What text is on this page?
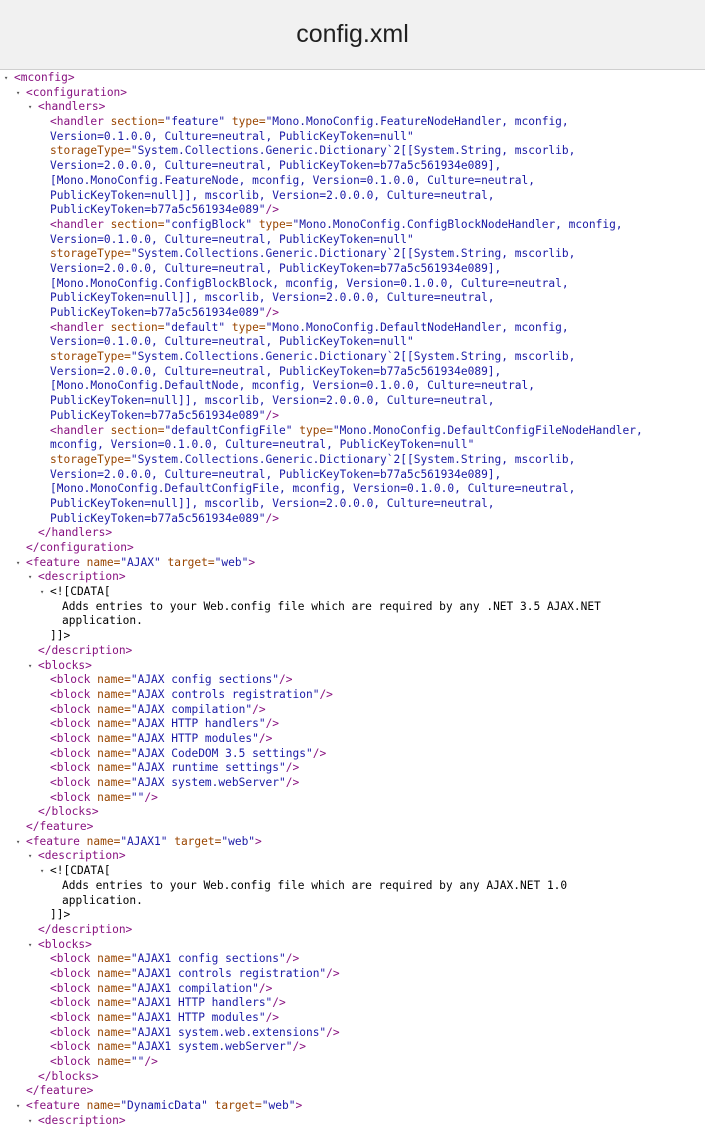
config.xml
▾ <mconfig>
▾ <configuration>
▾ <handlers>
<handler section="feature" type="Mono.MonoConfig.FeatureNodeHandler, mconfig,
Version=0.1.0.0, Culture=neutral, PublicKeyToken=null"
storageType="System.Collections.Generic.Dictionary`2[[System.String, mscorlib,
Version=2.0.0.0, Culture=neutral, PublicKeyToken=b77a5c561934e089],
[Mono.MonoConfig.FeatureNode, mconfig, Version=0.1.0.0, Culture=neutral,
PublicKeyToken=null]], mscorlib, Version=2.0.0.0, Culture=neutral,
PublicKeyToken=b77a5c561934e089"/>
<handler section="configBlock" type="Mono.MonoConfig.ConfigBlockNodeHandler, mconfig,
Version=0.1.0.0, Culture=neutral, PublicKeyToken=null"
storageType="System.Collections.Generic.Dictionary`2[[System.String, mscorlib,
Version=2.0.0.0, Culture=neutral, PublicKeyToken=b77a5c561934e089],
[Mono.MonoConfig.ConfigBlockBlock, mconfig, Version=0.1.0.0, Culture=neutral,
PublicKeyToken=null]], mscorlib, Version=2.0.0.0, Culture=neutral,
PublicKeyToken=b77a5c561934e089"/>
<handler section="default" type="Mono.MonoConfig.DefaultNodeHandler, mconfig,
Version=0.1.0.0, Culture=neutral, PublicKeyToken=null"
storageType="System.Collections.Generic.Dictionary`2[[System.String, mscorlib,
Version=2.0.0.0, Culture=neutral, PublicKeyToken=b77a5c561934e089],
[Mono.MonoConfig.DefaultNode, mconfig, Version=0.1.0.0, Culture=neutral,
PublicKeyToken=null]], mscorlib, Version=2.0.0.0, Culture=neutral,
PublicKeyToken=b77a5c561934e089"/>
<handler section="defaultConfigFile" type="Mono.MonoConfig.DefaultConfigFileNodeHandler,
mconfig, Version=0.1.0.0, Culture=neutral, PublicKeyToken=null"
storageType="System.Collections.Generic.Dictionary`2[[System.String, mscorlib,
Version=2.0.0.0, Culture=neutral, PublicKeyToken=b77a5c561934e089],
[Mono.MonoConfig.DefaultConfigFile, mconfig, Version=0.1.0.0, Culture=neutral,
PublicKeyToken=null]], mscorlib, Version=2.0.0.0, Culture=neutral,
PublicKeyToken=b77a5c561934e089"/>
</handlers>
</configuration>
▾ <feature name="AJAX" target="web">
▾ <description>
▾ <![CDATA[
Adds entries to your Web.config file which are required by any .NET 3.5 AJAX.NET
application.
]]>
</description>
▾ <blocks>
<block name="AJAX config sections"/>
<block name="AJAX controls registration"/>
<block name="AJAX compilation"/>
<block name="AJAX HTTP handlers"/>
<block name="AJAX HTTP modules"/>
<block name="AJAX CodeDOM 3.5 settings"/>
<block name="AJAX runtime settings"/>
<block name="AJAX system.webServer"/>
<block name=""/>
</blocks>
</feature>
▾ <feature name="AJAX1" target="web">
▾ <description>
▾ <![CDATA[
Adds entries to your Web.config file which are required by any AJAX.NET 1.0
application.
]]>
</description>
▾ <blocks>
<block name="AJAX1 config sections"/>
<block name="AJAX1 controls registration"/>
<block name="AJAX1 compilation"/>
<block name="AJAX1 HTTP handlers"/>
<block name="AJAX1 HTTP modules"/>
<block name="AJAX1 system.web.extensions"/>
<block name="AJAX1 system.webServer"/>
<block name=""/>
</blocks>
</feature>
▾ <feature name="DynamicData" target="web">
▾ <description>
